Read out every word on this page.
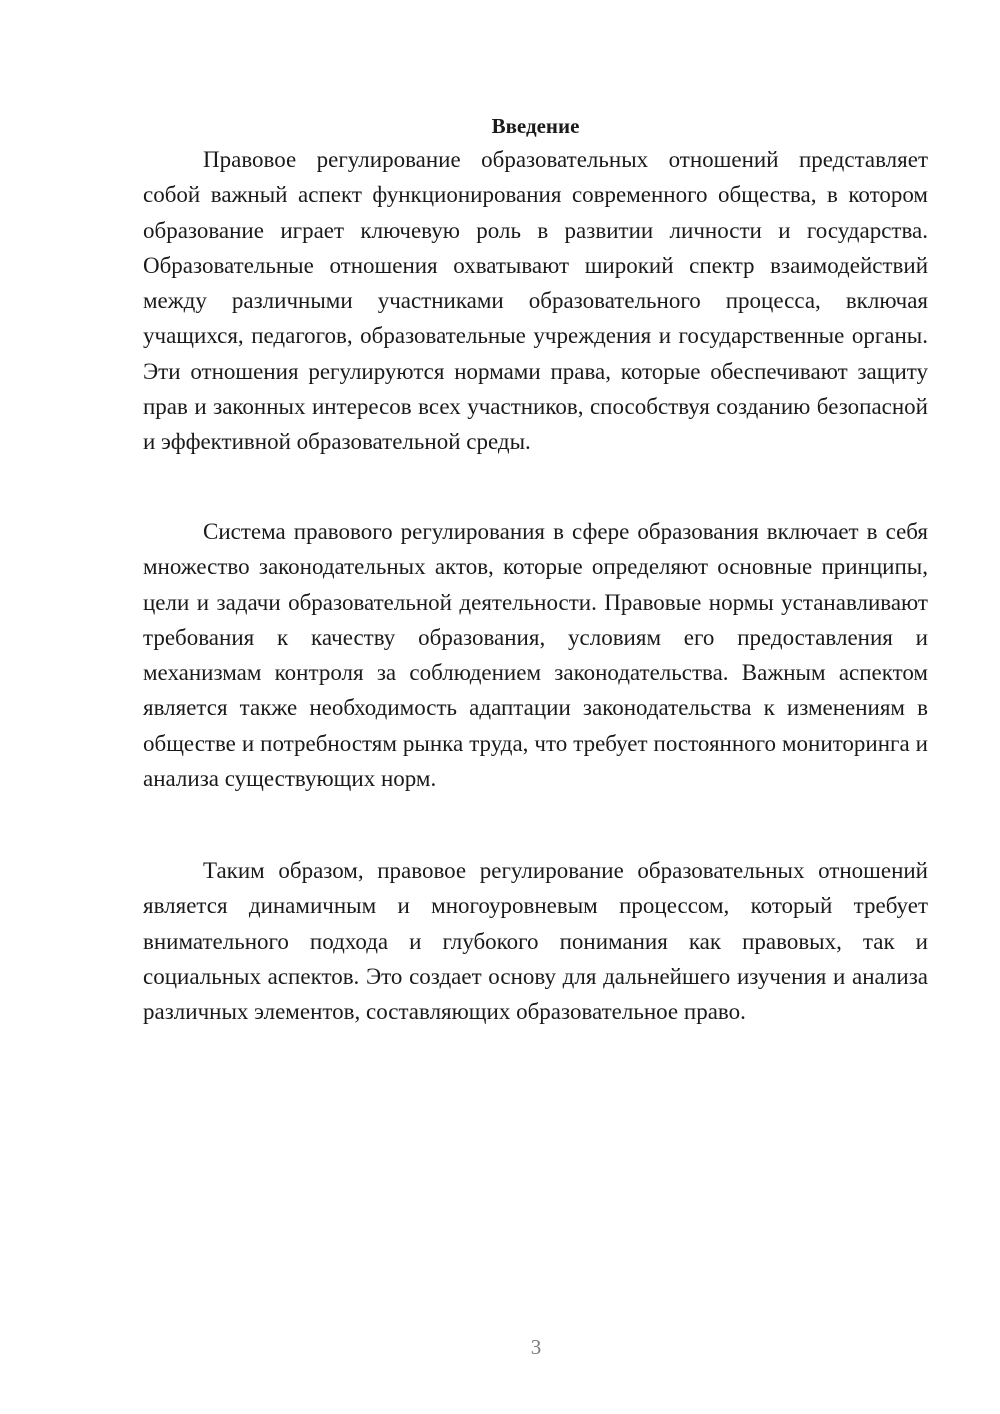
Введение

Правовое регулирование образовательных отношений представляет собой важный аспект функционирования современного общества, в котором образование играет ключевую роль в развитии личности и государства. Образовательные отношения охватывают широкий спектр взаимодействий между различными участниками образовательного процесса, включая учащихся, педагогов, образовательные учреждения и государственные органы. Эти отношения регулируются нормами права, которые обеспечивают защиту прав и законных интересов всех участников, способствуя созданию безопасной и эффективной образовательной среды.

Система правового регулирования в сфере образования включает в себя множество законодательных актов, которые определяют основные принципы, цели и задачи образовательной деятельности. Правовые нормы устанавливают требования к качеству образования, условиям его предоставления и механизмам контроля за соблюдением законодательства. Важным аспектом является также необходимость адаптации законодательства к изменениям в обществе и потребностям рынка труда, что требует постоянного мониторинга и анализа существующих норм.

Таким образом, правовое регулирование образовательных отношений является динамичным и многоуровневым процессом, который требует внимательного подхода и глубокого понимания как правовых, так и социальных аспектов. Это создает основу для дальнейшего изучения и анализа различных элементов, составляющих образовательное право.

3
